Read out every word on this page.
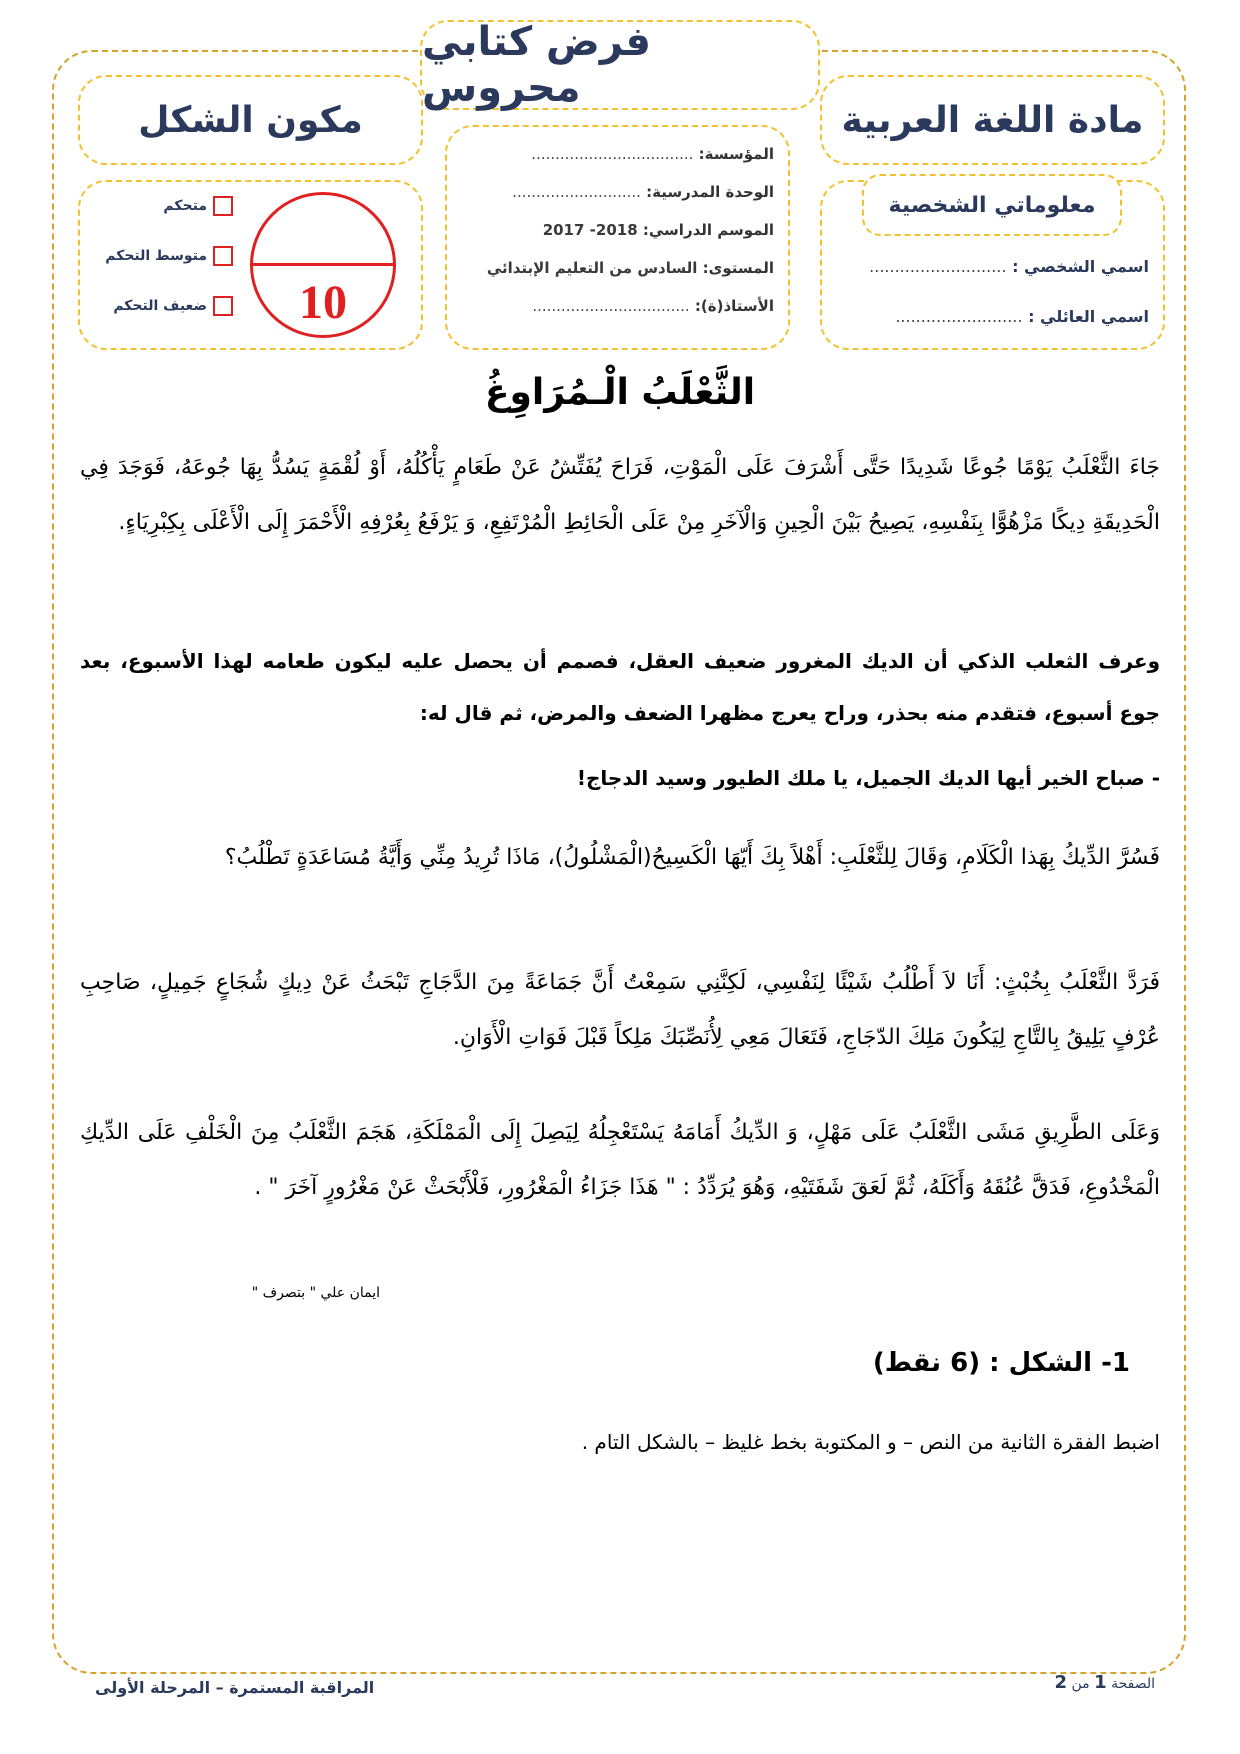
فرض كتابي محروس
مادة اللغة العربية
مكون الشكل
المؤسسة: ..................................
الوحدة المدرسية: ...........................
الموسم الدراسي: 2017 -2018
المستوى: السادس من التعليم الإبتدائي
الأستاذ(ة): .................................
معلوماتي الشخصية
اسمي الشخصي : ...........................
اسمي العائلي : .........................
10
متحكم
متوسط التحكم
ضعيف التحكم
الثَّعْلَبُ الْـمُرَاوِغُ
جَاءَ الثَّعْلَبُ يَوْمًا جُوعًا شَدِيدًا حَتَّى أَشْرَفَ عَلَى الْمَوْتِ، فَرَاحَ يُفَتِّشُ عَنْ طَعَامٍ يَأْكُلُهُ، أَوْ لُقْمَةٍ يَسُدُّ بِهَا جُوعَهُ، فَوَجَدَ فِي الْحَدِيقَةِ دِيكًا مَزْهُوًّا بِنَفْسِهِ، يَصِيحُ بَيْنَ الْحِينِ وَالْآخَرِ مِنْ عَلَى الْحَائِطِ الْمُرْتَفِعِ، وَ يَرْفَعُ بِعُرْفِهِ الْأَحْمَرَ إِلَى الْأَعْلَى بِكِبْرِيَاءٍ.
وعرف الثعلب الذكي أن الديك المغرور ضعيف العقل، فصمم أن يحصل عليه ليكون طعامه لهذا الأسبوع، بعد جوع أسبوع، فتقدم منه بحذر، وراح يعرج مظهرا الضعف والمرض، ثم قال له:
- صباح الخير أيها الديك الجميل، يا ملك الطيور وسيد الدجاج!
فَسُرَّ الدِّيكُ بِهَذا الْكَلَامِ، وَقَالَ لِلثَّعْلَبِ: أَهْلاً بِكَ أَيّهَا الْكَسِيحُ(الْمَشْلُولُ)، مَاذَا تُرِيدُ مِنِّي وَأَيَّةُ مُسَاعَدَةٍ تَطْلُبُ؟
فَرَدَّ الثَّعْلَبُ بِخُبْثٍ: أَنَا لاَ أَطْلُبُ شَيْئًا لِنَفْسِي، لَكِنَّنِي سَمِعْتُ أَنَّ جَمَاعَةً مِنَ الدَّجَاجِ تَبْحَثُ عَنْ دِيكٍ شُجَاعٍ جَمِيلٍ، صَاحِبِ عُرْفٍ يَلِيقُ بِالتَّاجِ لِيَكُونَ مَلِكَ الدّجَاجِ، فَتَعَالَ مَعِي لِأُنَصِّبَكَ مَلِكاً قَبْلَ فَوَاتِ الْأَوَانِ.
وَعَلَى الطَّرِيقِ مَشَى الثَّعْلَبُ عَلَى مَهْلٍ، وَ الدِّيكُ أَمَامَهُ يَسْتَعْجِلُهُ لِيَصِلَ إِلَى الْمَمْلَكَةِ، هَجَمَ الثَّعْلَبُ مِنَ الْخَلْفِ عَلَى الدِّيكِ الْمَخْدُوعِ، فَدَقَّ عُنُقَهُ وَأَكَلَهُ، ثُمَّ لَعَقَ شَفَتَيْهِ، وَهُوَ يُرَدِّدُ : " هَذَا جَزَاءُ الْمَغْرُورِ، فَلْأَبْحَثْ عَنْ مَغْرُورٍ آخَرَ " .
ايمان علي " بتصرف "
1- الشكل : (6 نقط)
اضبط الفقرة الثانية من النص – و المكتوبة بخط غليظ – بالشكل التام .
المراقبة المستمرة – المرحلة الأولى	الصفحة 1 من 2
